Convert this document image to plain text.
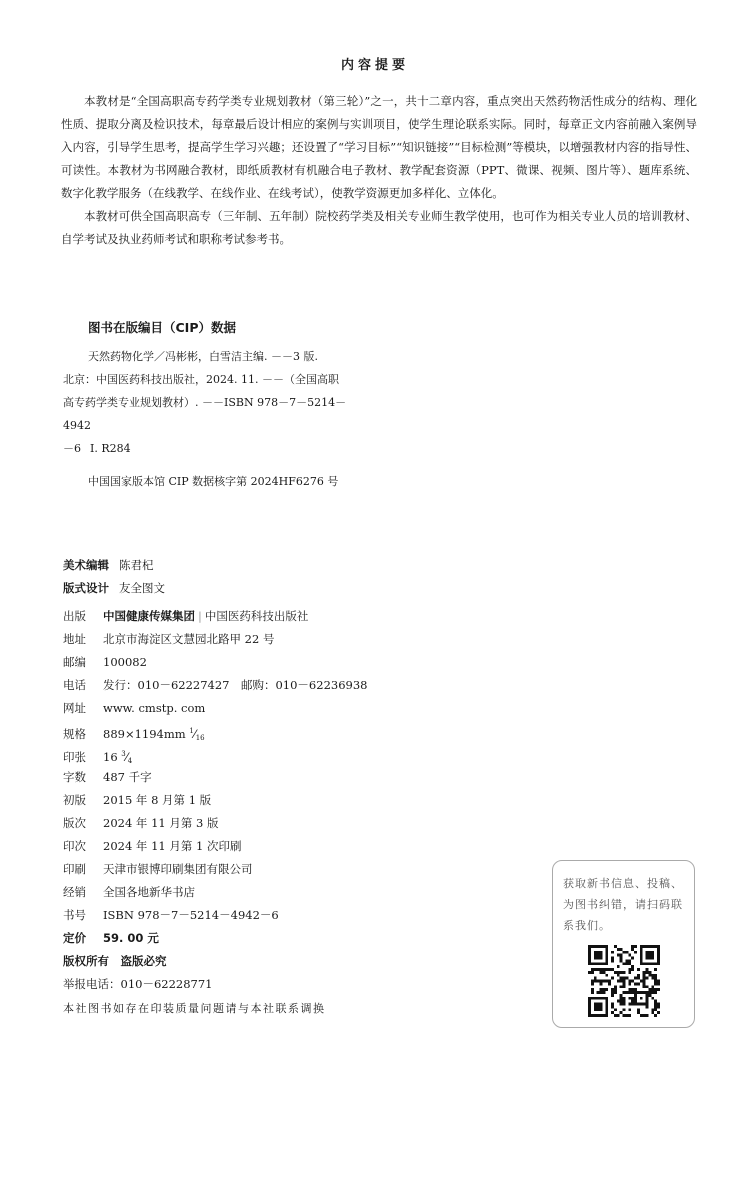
内容提要

本教材是“全国高职高专药学类专业规划教材（第三轮）”之一，共十二章内容，重点突出天然药物活性成分的结构、理化性质、提取分离及检识技术，每章最后设计相应的案例与实训项目，使学生理论联系实际。同时，每章正文内容前融入案例导入内容，引导学生思考，提高学生学习兴趣；还设置了“学习目标”“知识链接”“目标检测”等模块，以增强教材内容的指导性、可读性。本教材为书网融合教材，即纸质教材有机融合电子教材、教学配套资源（PPT、微课、视频、图片等）、题库系统、数字化教学服务（在线教学、在线作业、在线考试），使教学资源更加多样化、立体化。

本教材可供全国高职高专（三年制、五年制）院校药学类及相关专业师生教学使用，也可作为相关专业人员的培训教材、自学考试及执业药师考试和职称考试参考书。

图书在版编目（CIP）数据
天然药物化学／冯彬彬，白雪洁主编. －－3 版.
北京：中国医药科技出版社，2024. 11. －－（全国高职
高专药学类专业规划教材）. －－ISBN 978－7－5214－4942
－6 Ⅰ. R284
中国国家版本馆 CIP 数据核字第 2024HF6276 号
美术编辑 陈君杞
版式设计 友全图文
出版 中国健康传媒集团 | 中国医药科技出版社
地址 北京市海淀区文慧园北路甲 22 号
邮编 100082
电话 发行：010－62227427　 邮购：010－62236938
网址 www. cmstp. com
规格 889×1194mm $^1⁄_{16}$
印张 16 $^3⁄_4$
字数 487 千字
初版 2015 年 8 月第 1 版
版次 2024 年 11 月第 3 版
印次 2024 年 11 月第 1 次印刷
印刷 天津市银博印刷集团有限公司
经销 全国各地新华书店
书号 ISBN 978－7－5214－4942－6
定价 59. 00 元
版权所有　盗版必究
举报电话：010－62228771
本社图书如存在印装质量问题请与本社联系调换
获取新书信息、投稿、为图书纠错，请扫码联系我们。
